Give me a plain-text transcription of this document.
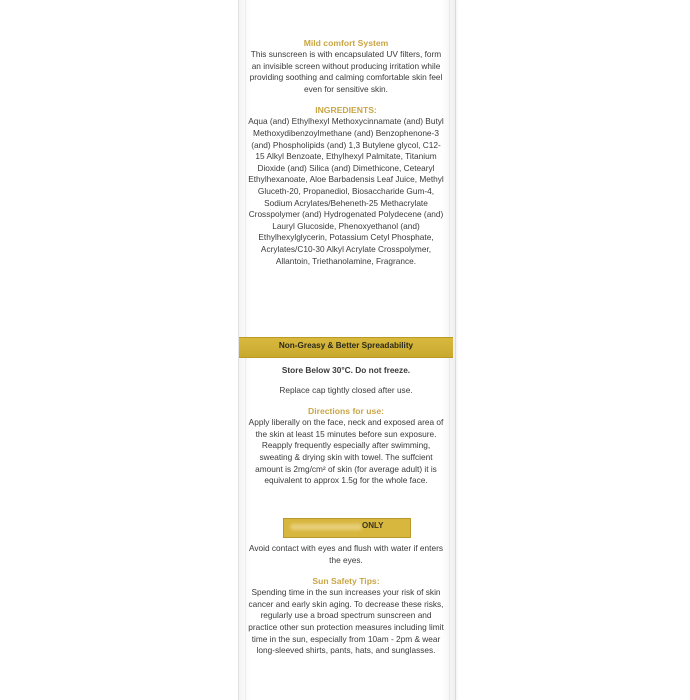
Mild comfort System

This sunscreen is with encapsulated UV filters, form an invisible screen without producing irritation while providing soothing and calming comfortable skin feel even for sensitive skin.

INGREDIENTS:

Aqua (and) Ethylhexyl Methoxycinnamate (and) Butyl Methoxydibenzoylmethane (and) Benzophenone-3 (and) Phospholipids (and) 1,3 Butylene glycol, C12-15 Alkyl Benzoate, Ethylhexyl Palmitate, Titanium Dioxide (and) Silica (and) Dimethicone, Cetearyl Ethylhexanoate, Aloe Barbadensis Leaf Juice, Methyl Gluceth-20, Propanediol, Biosaccharide Gum-4, Sodium Acrylates/Beheneth-25 Methacrylate Crosspolymer (and) Hydrogenated Polydecene (and) Lauryl Glucoside, Phenoxyethanol (and) Ethylhexylglycerin, Potassium Cetyl Phosphate, Acrylates/C10-30 Alkyl Acrylate Crosspolymer, Allantoin, Triethanolamine, Fragrance.

Non-Greasy & Better Spreadability
Store Below 30°C. Do not freeze.
Replace cap tightly closed after use.
Directions for use:

Apply liberally on the face, neck and exposed area of the skin at least 15 minutes before sun exposure. Reapply frequently especially after swimming, sweating & drying skin with towel. The suffcient amount is 2mg/cm² of skin (for average adult) it is equivalent to approx 1.5g for the whole face.

ONLY

Avoid contact with eyes and flush with water if enters the eyes.

Sun Safety Tips:

Spending time in the sun increases your risk of skin cancer and early skin aging. To decrease these risks, regularly use a broad spectrum sunscreen and practice other sun protection measures including limit time in the sun, especially from 10am - 2pm & wear long-sleeved shirts, pants, hats, and sunglasses.
